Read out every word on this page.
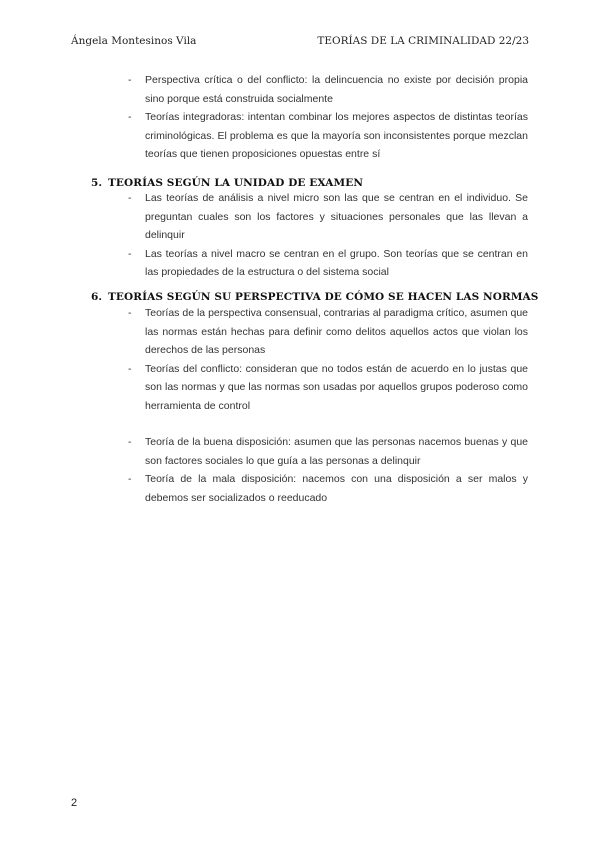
Ángela Montesinos Vila	TEORÍAS DE LA CRIMINALIDAD 22/23
- Perspectiva crítica o del conflicto: la delincuencia no existe por decisión propia sino porque está construida socialmente
- Teorías integradoras: intentan combinar los mejores aspectos de distintas teorías criminológicas. El problema es que la mayoría son inconsistentes porque mezclan teorías que tienen proposiciones opuestas entre sí
5. TEORÍAS SEGÚN LA UNIDAD DE EXAMEN
- Las teorías de análisis a nivel micro son las que se centran en el individuo. Se preguntan cuales son los factores y situaciones personales que las llevan a delinquir
- Las teorías a nivel macro se centran en el grupo. Son teorías que se centran en las propiedades de la estructura o del sistema social
6. TEORÍAS SEGÚN SU PERSPECTIVA DE CÓMO SE HACEN LAS NORMAS
- Teorías de la perspectiva consensual, contrarias al paradigma crítico, asumen que las normas están hechas para definir como delitos aquellos actos que violan los derechos de las personas
- Teorías del conflicto: consideran que no todos están de acuerdo en lo justas que son las normas y que las normas son usadas por aquellos grupos poderoso como herramienta de control
- Teoría de la buena disposición: asumen que las personas nacemos buenas y que son factores sociales lo que guía a las personas a delinquir
- Teoría de la mala disposición: nacemos con una disposición a ser malos y debemos ser socializados o reeducado
2
